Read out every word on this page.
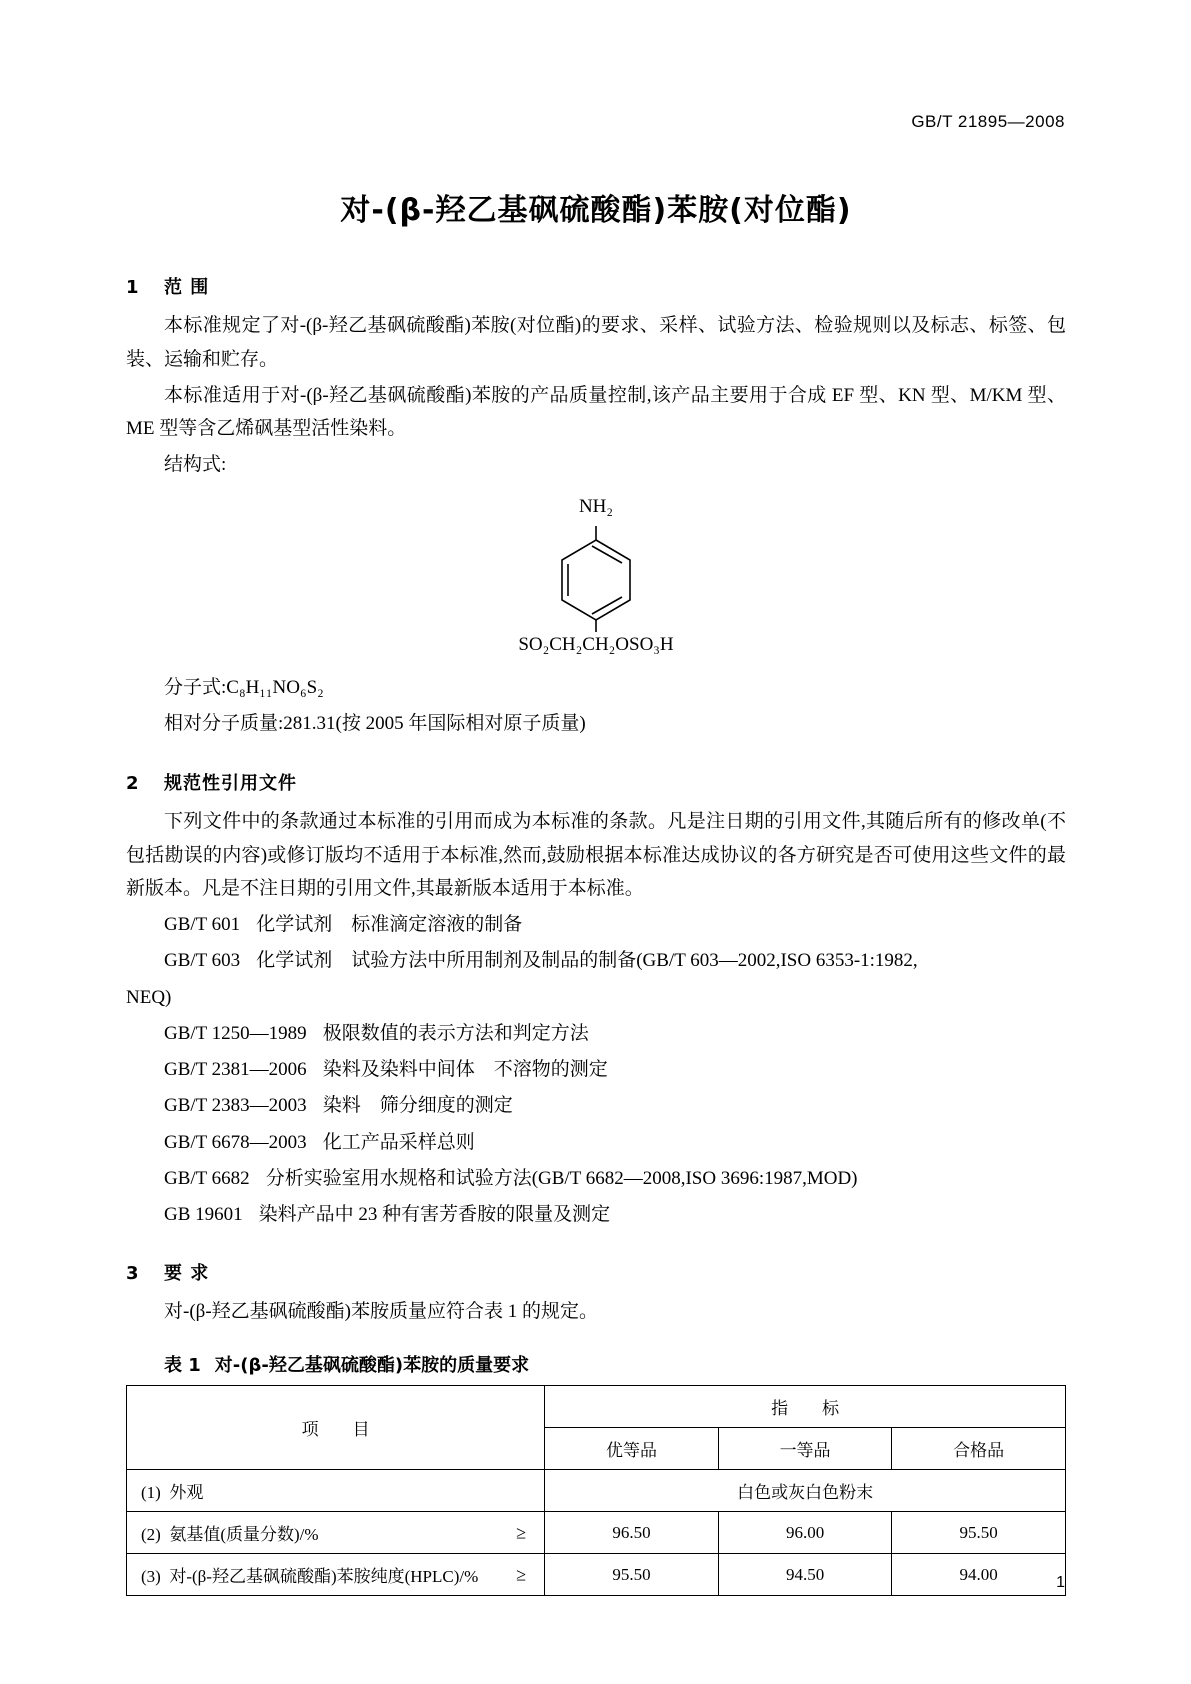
GB/T 21895—2008
对-(β-羟乙基砜硫酸酯)苯胺(对位酯)
1 范 围

本标准规定了对-(β-羟乙基砜硫酸酯)苯胺(对位酯)的要求、采样、试验方法、检验规则以及标志、标签、包装、运输和贮存。

本标准适用于对-(β-羟乙基砜硫酸酯)苯胺的产品质量控制,该产品主要用于合成 EF 型、KN 型、M/KM 型、ME 型等含乙烯砜基型活性染料。

结构式:

NH₂
SO₂CH₂CH₂OSO₃H

分子式:C₈H₁₁NO₆S₂

相对分子质量:281.31(按 2005 年国际相对原子质量)

2 规范性引用文件

下列文件中的条款通过本标准的引用而成为本标准的条款。凡是注日期的引用文件,其随后所有的修改单(不包括勘误的内容)或修订版均不适用于本标准,然而,鼓励根据本标准达成协议的各方研究是否可使用这些文件的最新版本。凡是不注日期的引用文件,其最新版本适用于本标准。

GB/T 601 化学试剂　标准滴定溶液的制备

GB/T 603 化学试剂　试验方法中所用制剂及制品的制备(GB/T 603—2002,ISO 6353-1:1982,

NEQ)

GB/T 1250—1989 极限数值的表示方法和判定方法

GB/T 2381—2006 染料及染料中间体　不溶物的测定

GB/T 2383—2003 染料　筛分细度的测定

GB/T 6678—2003 化工产品采样总则

GB/T 6682 分析实验室用水规格和试验方法(GB/T 6682—2008,ISO 3696:1987,MOD)

GB 19601 染料产品中 23 种有害芳香胺的限量及测定

3 要 求

对-(β-羟乙基砜硫酸酯)苯胺质量应符合表 1 的规定。

表 1 对-(β-羟乙基砜硫酸酯)苯胺的质量要求
项　　目	指　　标		
	优等品	一等品	合格品
(1) 外观	白色或灰白色粉末		
(2) 氨基值(质量分数)/% ≥	96.50	96.00	95.50
(3) 对-(β-羟乙基砜硫酸酯)苯胺纯度(HPLC)/% ≥	95.50	94.50	94.00	1
